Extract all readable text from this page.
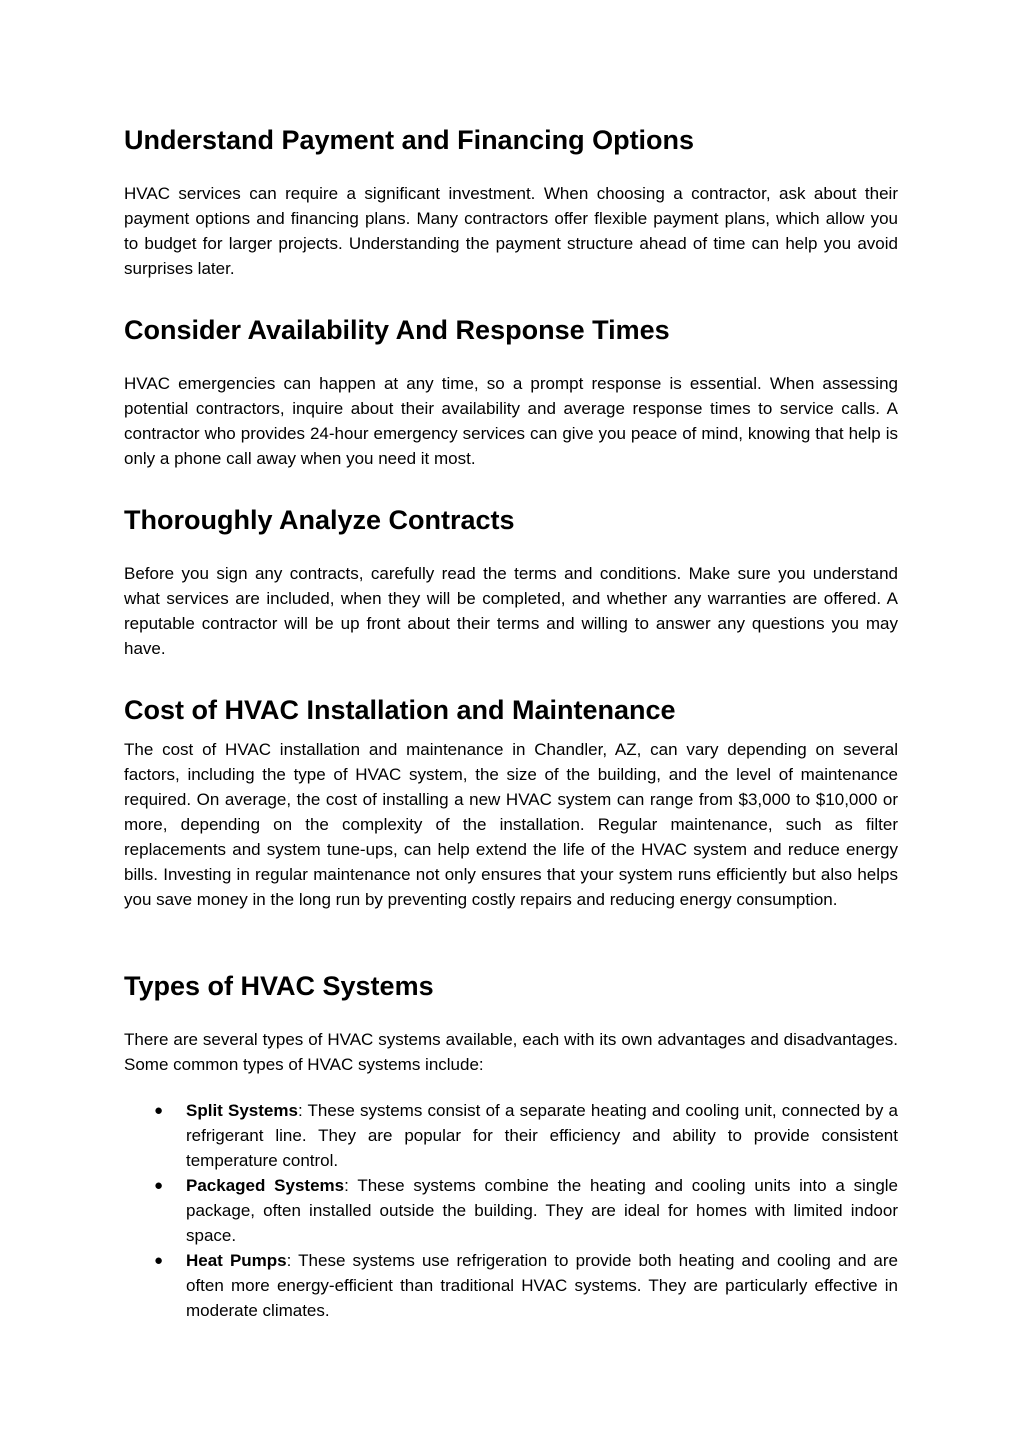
Understand Payment and Financing Options

HVAC services can require a significant investment. When choosing a contractor, ask about their payment options and financing plans. Many contractors offer flexible payment plans, which allow you to budget for larger projects. Understanding the payment structure ahead of time can help you avoid surprises later.

Consider Availability And Response Times

HVAC emergencies can happen at any time, so a prompt response is essential. When assessing potential contractors, inquire about their availability and average response times to service calls. A contractor who provides 24-hour emergency services can give you peace of mind, knowing that help is only a phone call away when you need it most.

Thoroughly Analyze Contracts

Before you sign any contracts, carefully read the terms and conditions. Make sure you understand what services are included, when they will be completed, and whether any warranties are offered. A reputable contractor will be up front about their terms and willing to answer any questions you may have.

Cost of HVAC Installation and Maintenance

The cost of HVAC installation and maintenance in Chandler, AZ, can vary depending on several factors, including the type of HVAC system, the size of the building, and the level of maintenance required. On average, the cost of installing a new HVAC system can range from $3,000 to $10,000 or more, depending on the complexity of the installation. Regular maintenance, such as filter replacements and system tune-ups, can help extend the life of the HVAC system and reduce energy bills. Investing in regular maintenance not only ensures that your system runs efficiently but also helps you save money in the long run by preventing costly repairs and reducing energy consumption.

Types of HVAC Systems

There are several types of HVAC systems available, each with its own advantages and disadvantages. Some common types of HVAC systems include:

● Split Systems: These systems consist of a separate heating and cooling unit, connected by a refrigerant line. They are popular for their efficiency and ability to provide consistent temperature control.
● Packaged Systems: These systems combine the heating and cooling units into a single package, often installed outside the building. They are ideal for homes with limited indoor space.
● Heat Pumps: These systems use refrigeration to provide both heating and cooling and are often more energy-efficient than traditional HVAC systems. They are particularly effective in moderate climates.
